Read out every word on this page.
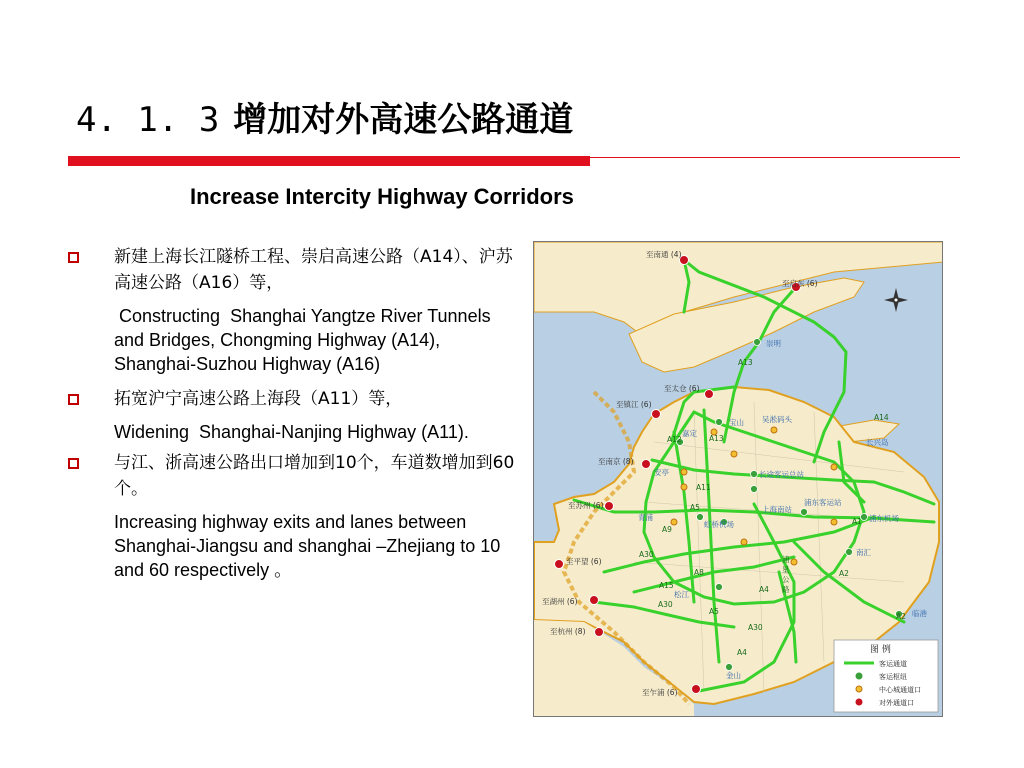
4. 1. 3 增加对外高速公路通道
Increase Intercity Highway Corridors
新建上海长江隧桥工程、崇启高速公路（A14）、沪苏高速公路（A16）等，
Constructing  Shanghai Yangtze River Tunnels and Bridges, Chongming Highway (A14), Shanghai-Suzhou Highway (A16)
拓宽沪宁高速公路上海段（A11）等，
Widening  Shanghai-Nanjing Highway (A11).
与江、浙高速公路出口增加到10个，车道数增加到60个。
Increasing highway exits and lanes between Shanghai-Jiangsu and shanghai –Zhejiang to 10 and 60 respectively 。
至南通 (4)
至启东 (6)
至太仓 (6)
至镇江 (6)
至南京 (8)
至苏州 (6)
至平望 (6)
至湖州 (6)
至杭州 (8)
至乍浦 (6)
崇明
宝山
嘉定
吴淞码头
长兴岛
安亭	长途客运总站
上海南站
浦东客运站
浦东机场
虹桥机场
青浦
松江
南汇
临港
金山
A13
A14
A12
A11
A5
A9
A1
A30
A15
A30
A5
A30
A4
A2
A2
A4
A8
A13
浦
星
公
路
图 例
客运通道
客运枢纽
中心城通道口
对外通道口
